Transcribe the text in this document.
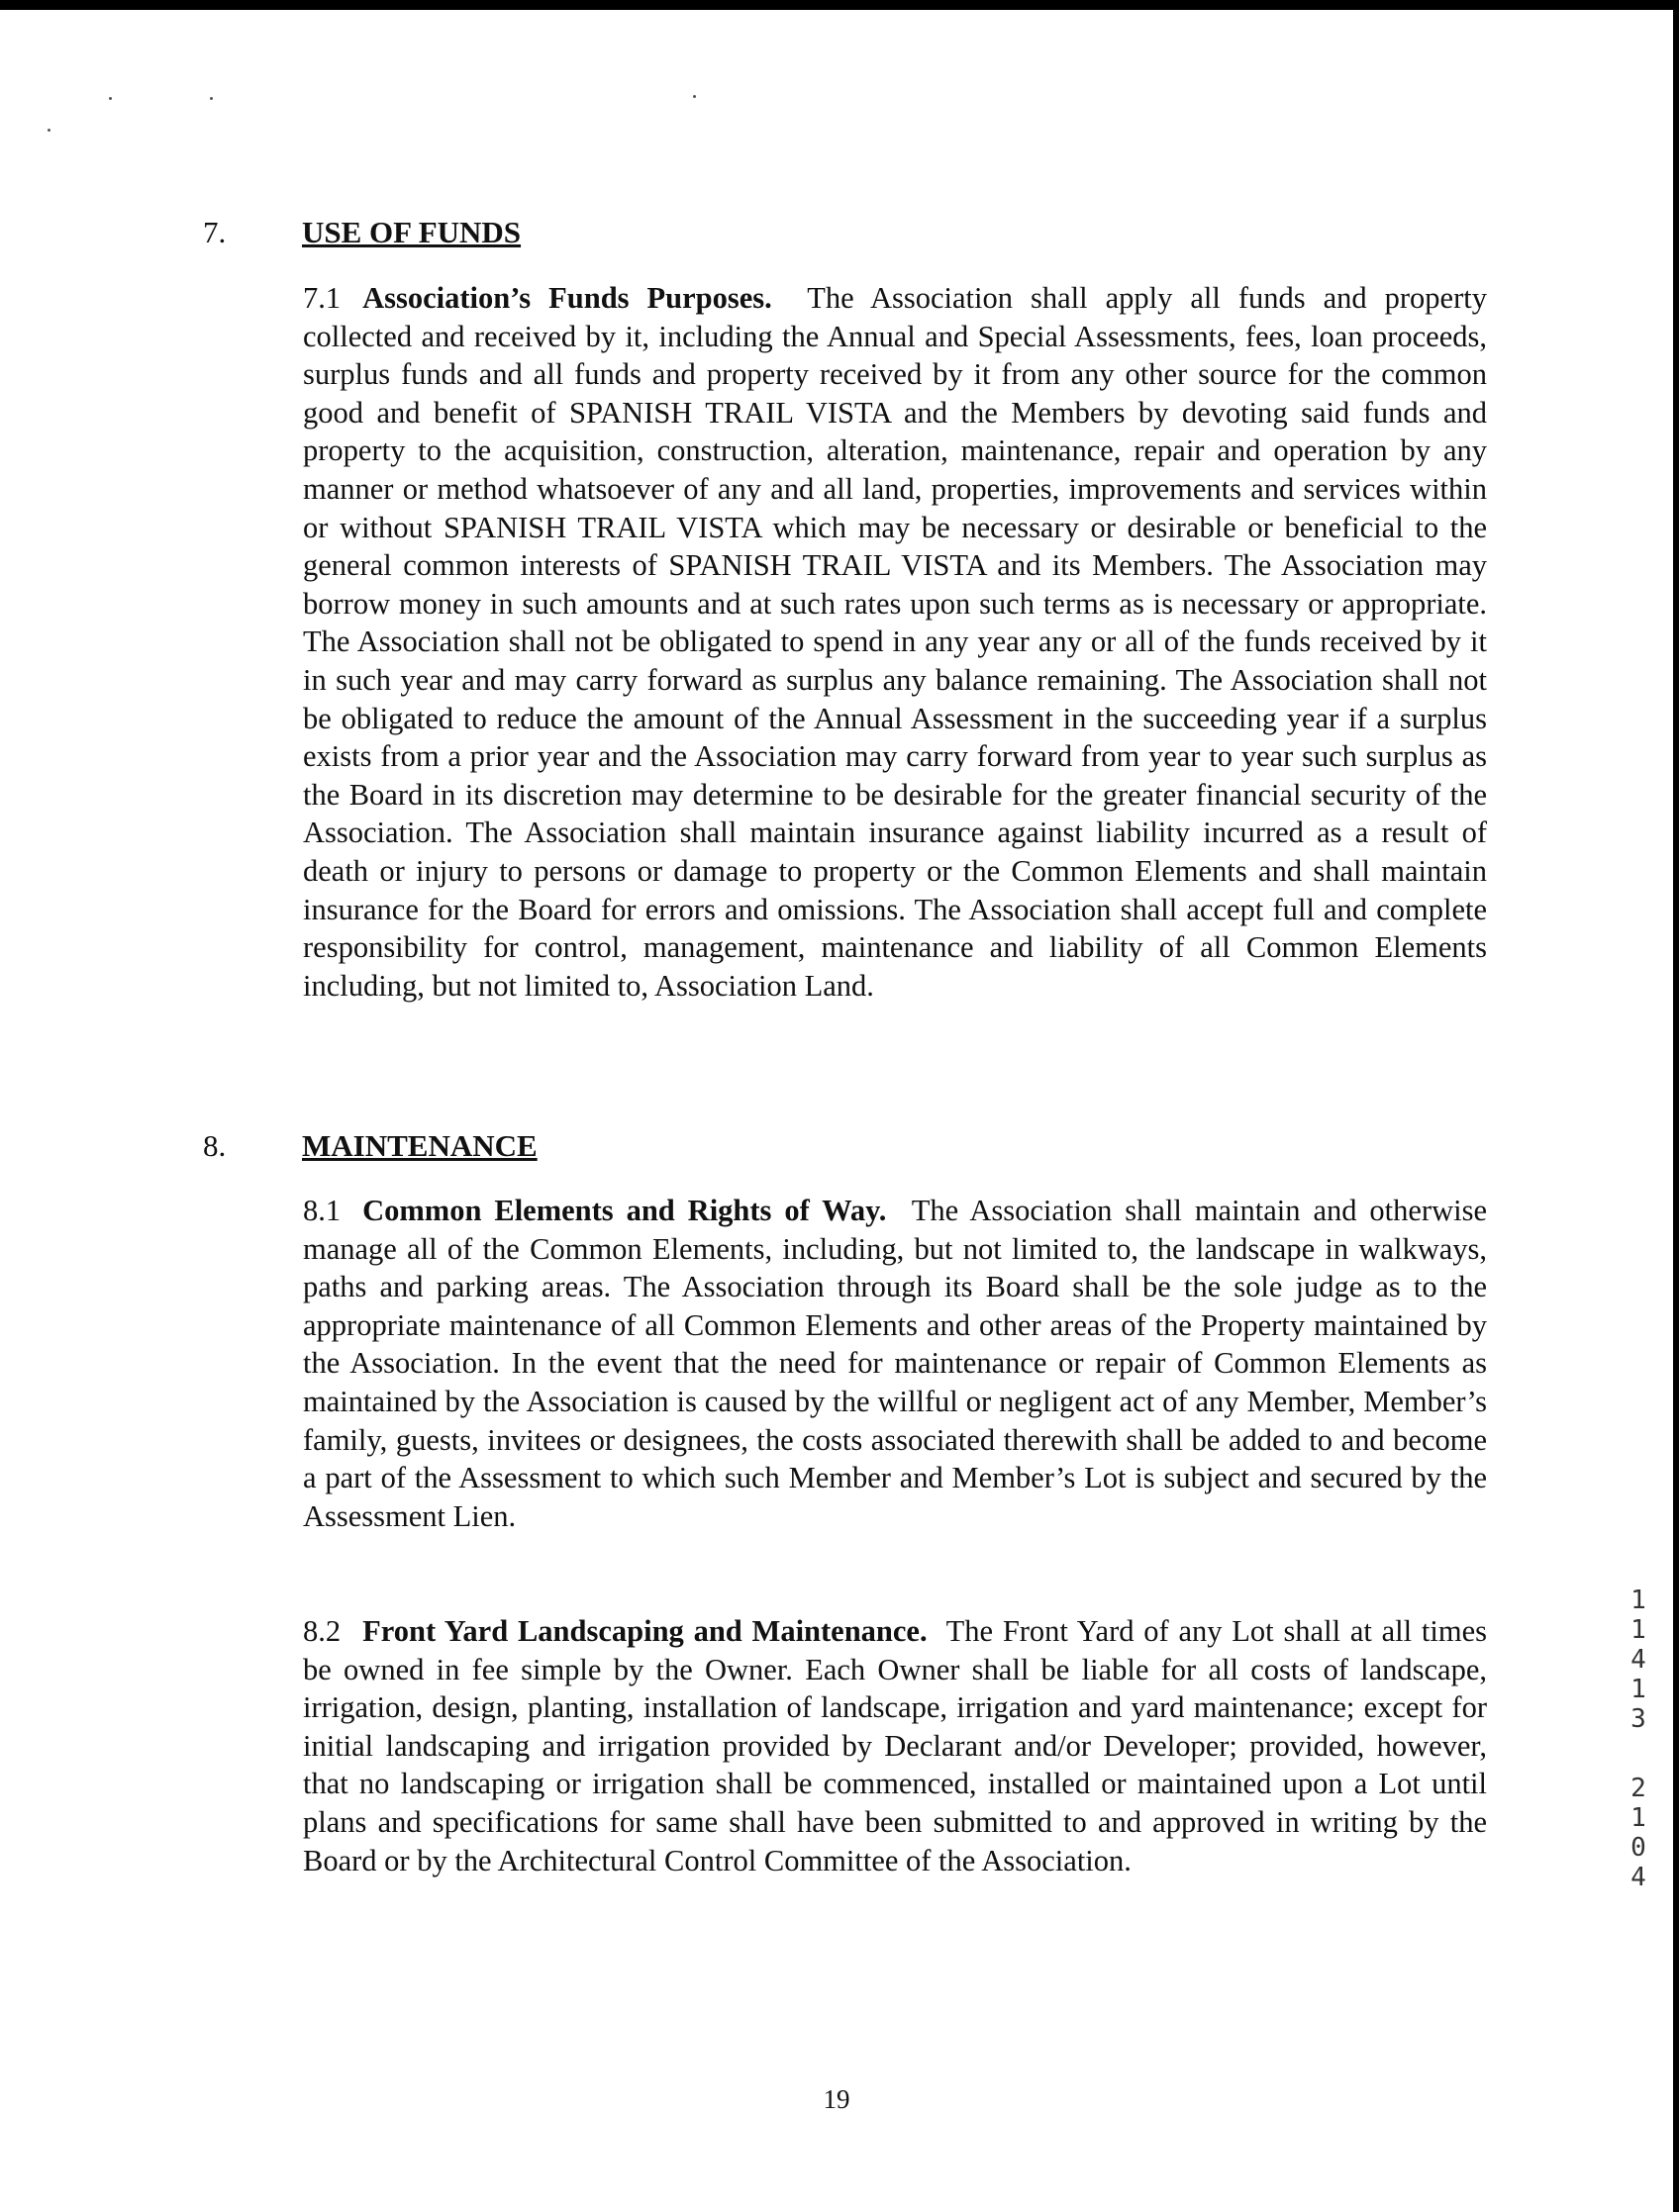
7. USE OF FUNDS
7.1 Association’s Funds Purposes. The Association shall apply all funds and property collected and received by it, including the Annual and Special Assessments, fees, loan proceeds, surplus funds and all funds and property received by it from any other source for the common good and benefit of SPANISH TRAIL VISTA and the Members by devoting said funds and property to the acquisition, construction, alteration, maintenance, repair and operation by any manner or method whatsoever of any and all land, properties, improvements and services within or without SPANISH TRAIL VISTA which may be necessary or desirable or beneficial to the general common interests of SPANISH TRAIL VISTA and its Members. The Association may borrow money in such amounts and at such rates upon such terms as is necessary or appropriate. The Association shall not be obligated to spend in any year any or all of the funds received by it in such year and may carry forward as surplus any balance remaining. The Association shall not be obligated to reduce the amount of the Annual Assessment in the succeeding year if a surplus exists from a prior year and the Association may carry forward from year to year such surplus as the Board in its discretion may determine to be desirable for the greater financial security of the Association. The Association shall maintain insurance against liability incurred as a result of death or injury to persons or damage to property or the Common Elements and shall maintain insurance for the Board for errors and omissions. The Association shall accept full and complete responsibility for control, management, maintenance and liability of all Common Elements including, but not limited to, Association Land.
8. MAINTENANCE
8.1 Common Elements and Rights of Way. The Association shall maintain and otherwise manage all of the Common Elements, including, but not limited to, the landscape in walkways, paths and parking areas. The Association through its Board shall be the sole judge as to the appropriate maintenance of all Common Elements and other areas of the Property maintained by the Association. In the event that the need for maintenance or repair of Common Elements as maintained by the Association is caused by the willful or negligent act of any Member, Member’s family, guests, invitees or designees, the costs associated therewith shall be added to and become a part of the Assessment to which such Member and Member’s Lot is subject and secured by the Assessment Lien.
8.2 Front Yard Landscaping and Maintenance. The Front Yard of any Lot shall at all times be owned in fee simple by the Owner. Each Owner shall be liable for all costs of landscape, irrigation, design, planting, installation of landscape, irrigation and yard maintenance; except for initial landscaping and irrigation provided by Declarant and/or Developer; provided, however, that no landscaping or irrigation shall be commenced, installed or maintained upon a Lot until plans and specifications for same shall have been submitted to and approved in writing by the Board or by the Architectural Control Committee of the Association.
1
1
4
1
3
2
1
0
4
19
